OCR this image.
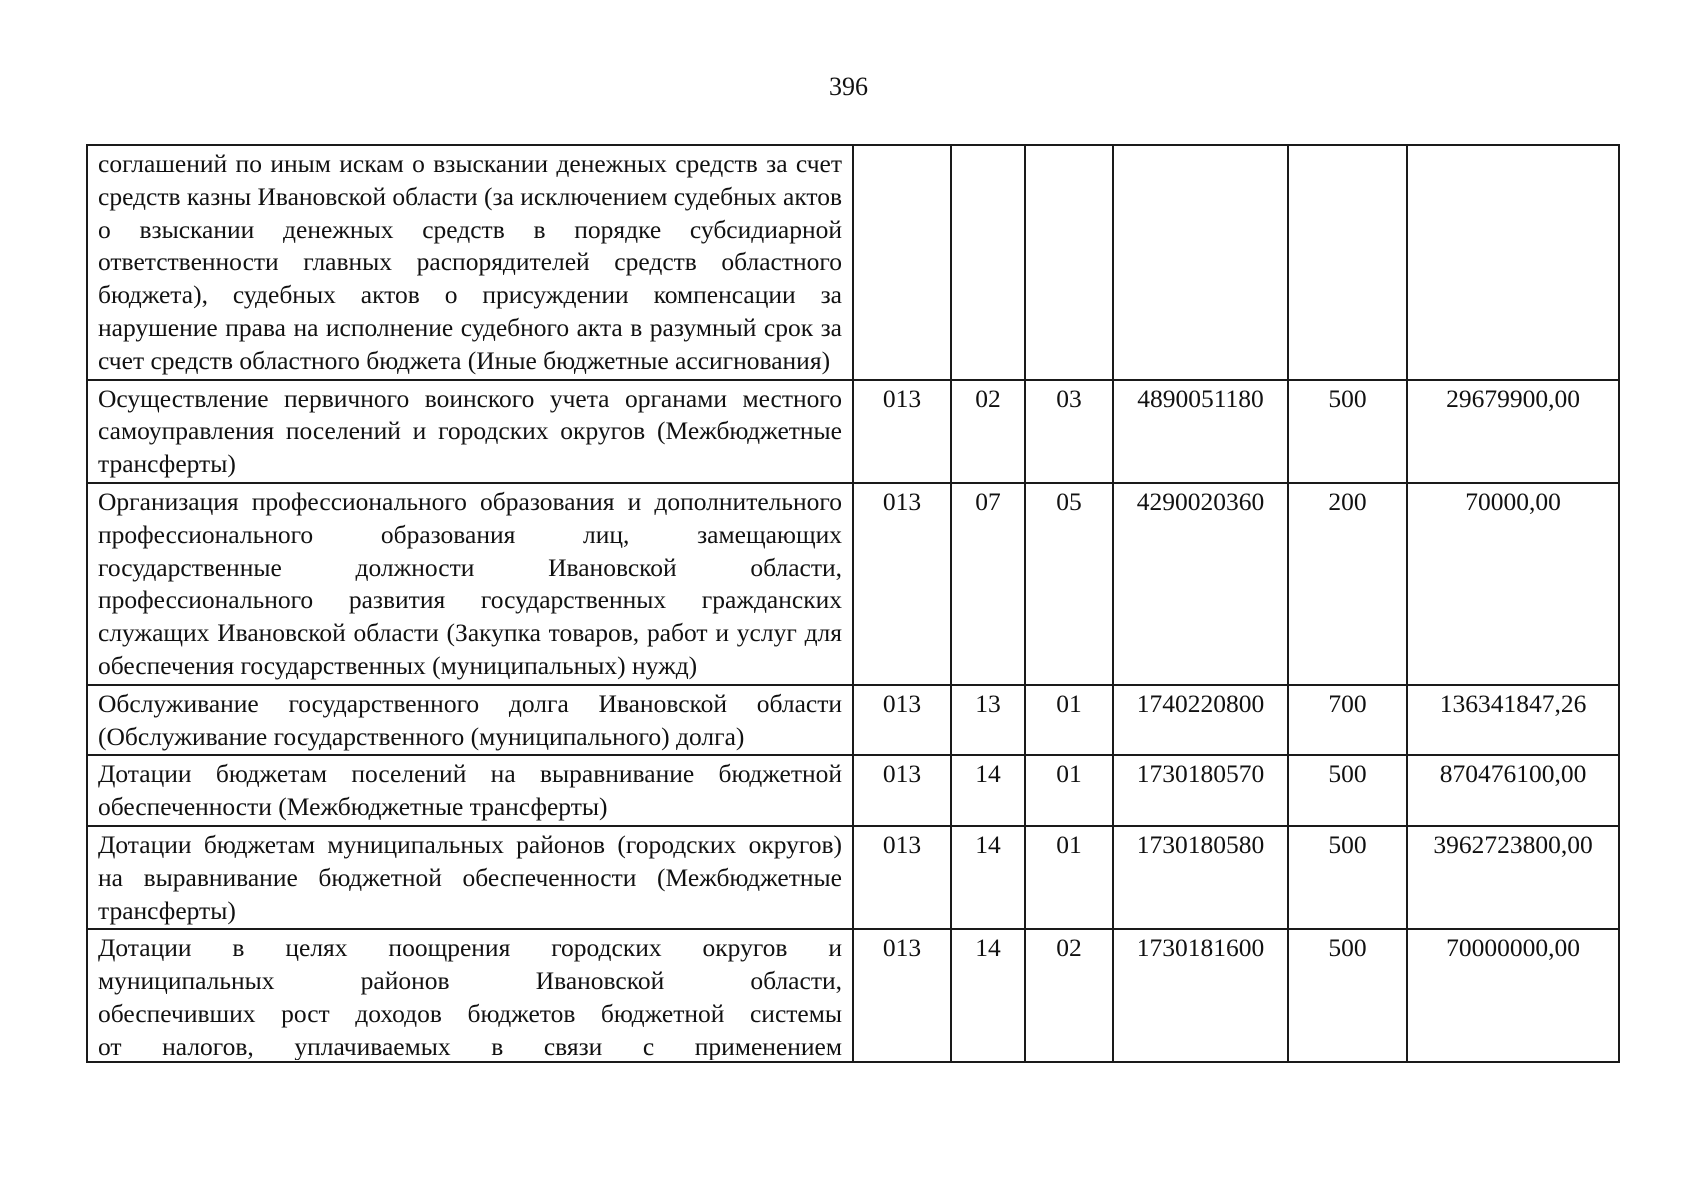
396
соглашений по иным искам о взыскании денежных средств за счет средств казны Ивановской области (за исключением судебных актов о взыскании денежных средств в порядке субсидиарной ответственности главных распорядителей средств областного бюджета), судебных актов о присуждении компенсации за нарушение права на исполнение судебного акта в разумный срок за счет средств областного бюджета (Иные бюджетные ассигнования)						
Осуществление первичного воинского учета органами местного самоуправления поселений и городских округов (Межбюджетные трансферты)	013	02	03	4890051180	500	29679900,00
Организация профессионального образования и дополнительного профессионального образования лиц, замещающих государственные должности Ивановской области, профессионального развития государственных гражданских служащих Ивановской области (Закупка товаров, работ и услуг для обеспечения государственных (муниципальных) нужд)	013	07	05	4290020360	200	70000,00
Обслуживание государственного долга Ивановской области (Обслуживание государственного (муниципального) долга)	013	13	01	1740220800	700	136341847,26
Дотации бюджетам поселений на выравнивание бюджетной обеспеченности (Межбюджетные трансферты)	013	14	01	1730180570	500	870476100,00
Дотации бюджетам муниципальных районов (городских округов) на выравнивание бюджетной обеспеченности (Межбюджетные трансферты)	013	14	01	1730180580	500	3962723800,00

Дотации в целях поощрения городских округов и
муниципальных районов Ивановской области,
обеспечивших рост доходов бюджетов бюджетной системы
от налогов, уплачиваемых в связи с применением	013	14	02	1730181600	500	70000000,00
